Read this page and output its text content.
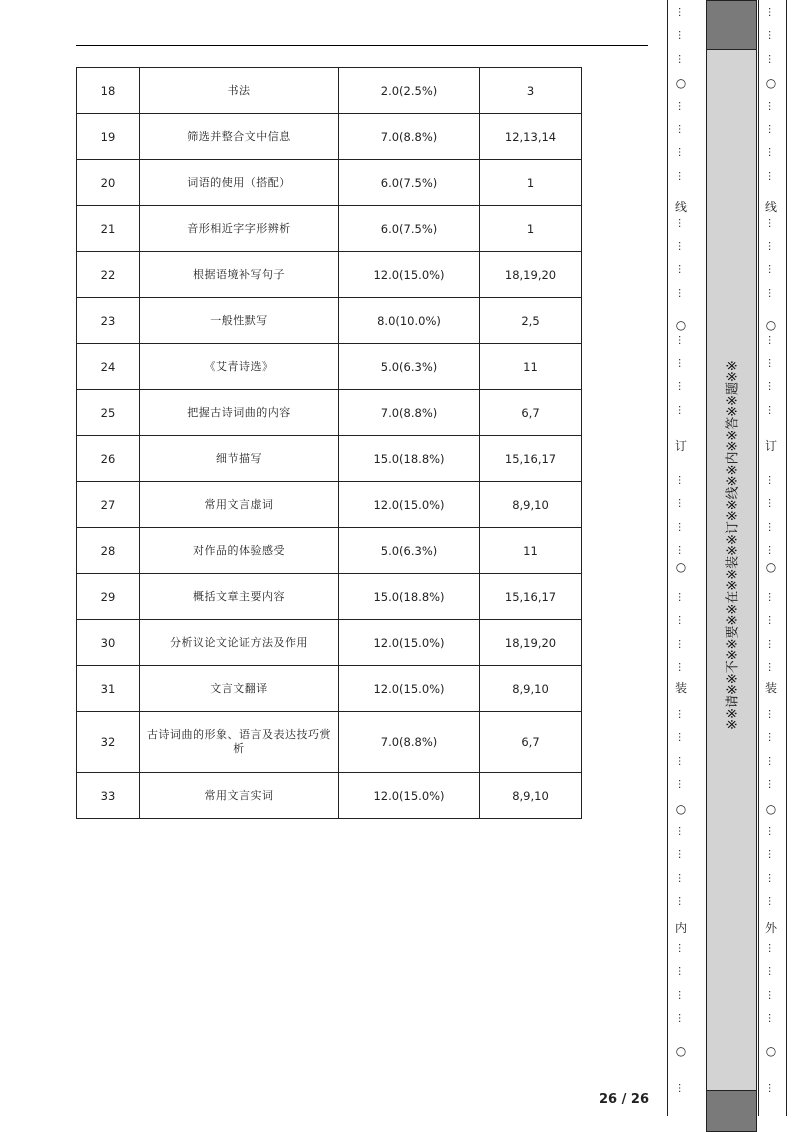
18	书法	2.0(2.5%)	3
19	筛选并整合文中信息	7.0(8.8%)	12,13,14
20	词语的使用（搭配）	6.0(7.5%)	1
21	音形相近字字形辨析	6.0(7.5%)	1
22	根据语境补写句子	12.0(15.0%)	18,19,20
23	一般性默写	8.0(10.0%)	2,5
24	《艾青诗选》	5.0(6.3%)	11
25	把握古诗词曲的内容	7.0(8.8%)	6,7
26	细节描写	15.0(18.8%)	15,16,17
27	常用文言虚词	12.0(15.0%)	8,9,10
28	对作品的体验感受	5.0(6.3%)	11
29	概括文章主要内容	15.0(18.8%)	15,16,17
30	分析议论文论证方法及作用	12.0(15.0%)	18,19,20
31	文言文翻译	12.0(15.0%)	8,9,10
32	古诗词曲的形象、语言及表达技巧赏析	7.0(8.8%)	6,7
33	常用文言实词	12.0(15.0%)	8,9,10
26 / 26
○
○
○
○
○
线
订
装
内
…
…
…
…
…
…
…
…
…
…
…
…
…
…
…
…
…
…
…
…
…
…
…
…
…
…
…
…
…
…
…
…
…
…
…
…
※※请※※不※※要※※在※※装※※订※※线※※内※※答※※题※※
○
○
○
○
○
线
订
装
外
…
…
…
…
…
…
…
…
…
…
…
…
…
…
…
…
…
…
…
…
…
…
…
…
…
…
…
…
…
…
…
…
…
…
…
…
